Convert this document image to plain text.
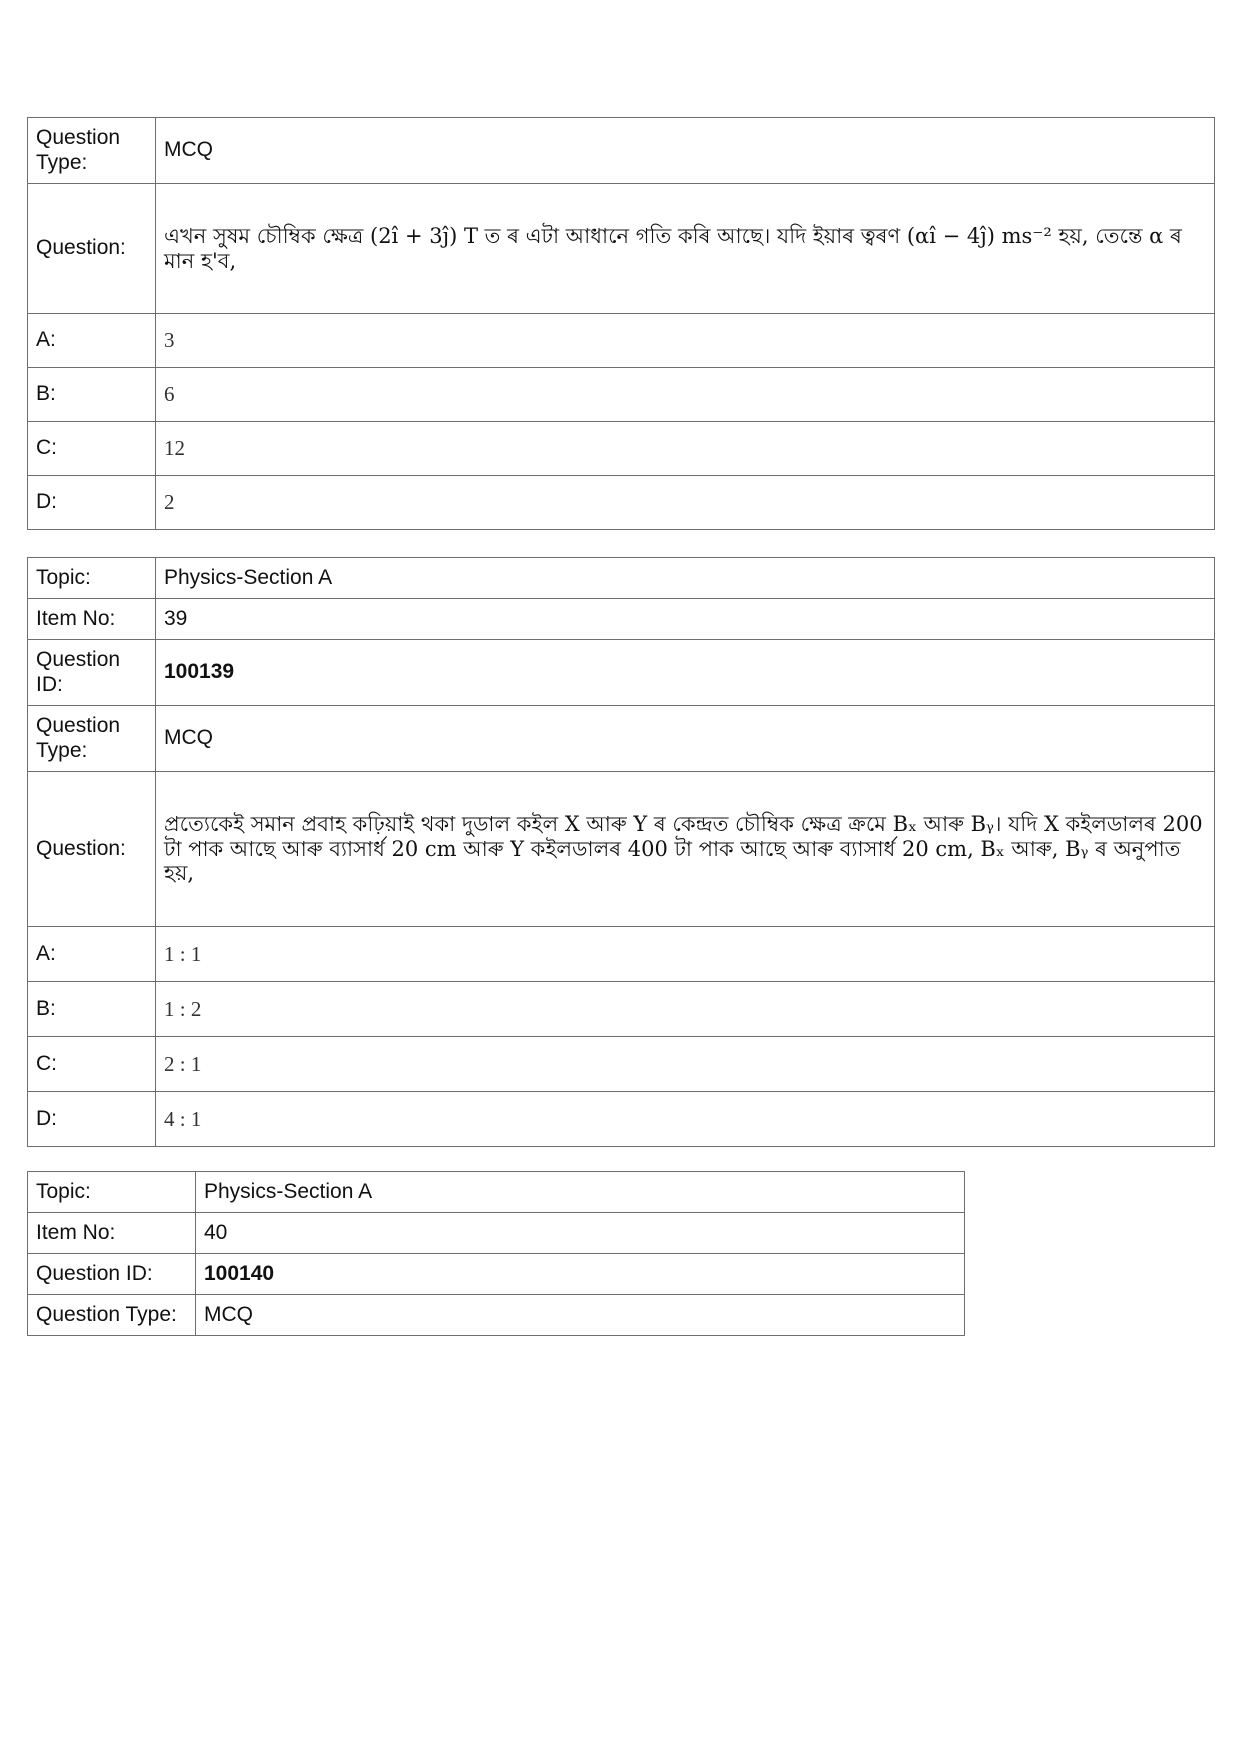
Question Type:	MCQ
Question:	এখন সুষম চৌম্বিক ক্ষেত্ৰ (2î + 3ĵ) T ত ৰ এটা আধানে গতি কৰি আছে। যদি ইয়াৰ ত্বৰণ (αî − 4ĵ) ms⁻² হয়, তেন্তে α ৰ মান হ'ব,
A:	3
B:	6
C:	12
D:	2
Topic:	Physics-Section A
Item No:	39
Question ID:	100139
Question Type:	MCQ
Question:	প্ৰত্যেকেই সমান প্ৰবাহ কঢ়িয়াই থকা দুডাল কইল X আৰু Y ৰ কেন্দ্ৰত চৌম্বিক ক্ষেত্ৰ ক্ৰমে Bₓ আৰু Bᵧ। যদি X কইলডালৰ 200 টা পাক আছে আৰু ব্যাসাৰ্ধ 20 cm আৰু Y কইলডালৰ 400 টা পাক আছে আৰু ব্যাসাৰ্ধ 20 cm, Bₓ আৰু, Bᵧ ৰ অনুপাত হয়,
A:	1 : 1
B:	1 : 2
C:	2 : 1
D:	4 : 1
Topic:	Physics-Section A
Item No:	40
Question ID:	100140
Question Type:	MCQ
